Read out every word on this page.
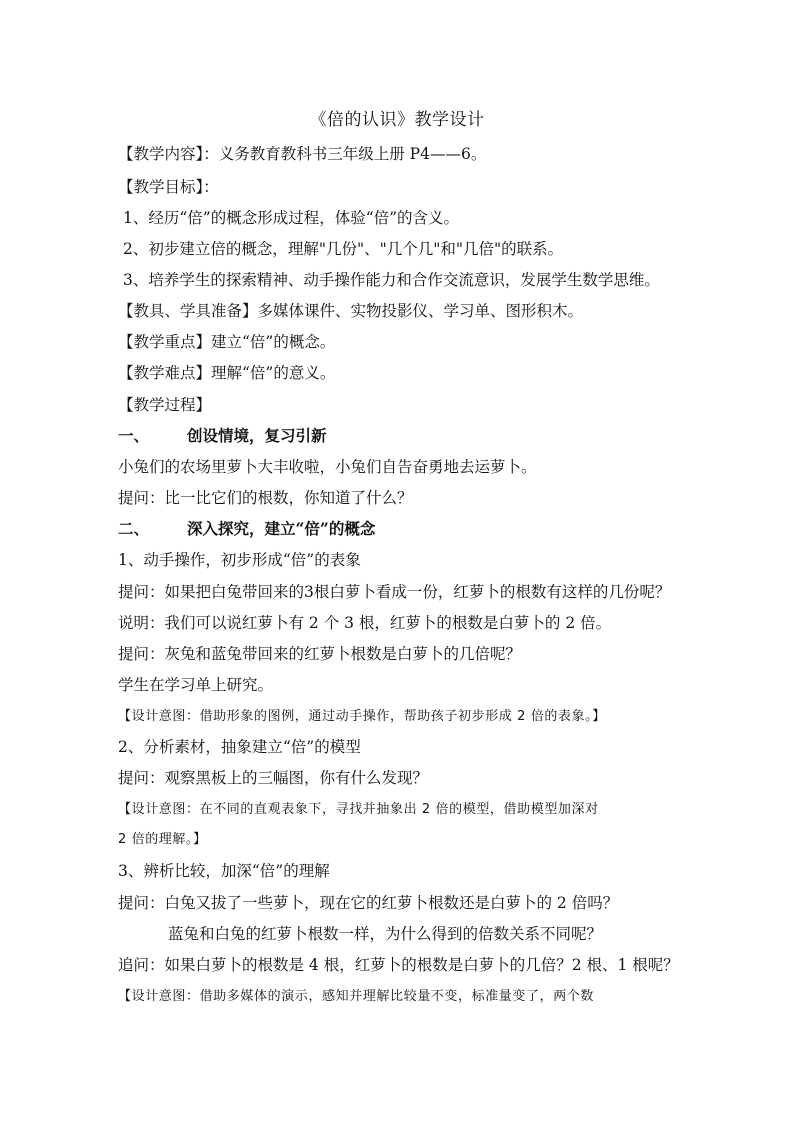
《倍的认识》教学设计
【教学内容】：义务教育教科书三年级上册 P4——6。
【教学目标】：
1、经历“倍”的概念形成过程，体验“倍”的含义。
2、初步建立倍的概念，理解"几份"、"几个几"和"几倍"的联系。
3、培养学生的探索精神、动手操作能力和合作交流意识，发展学生数学思维。
【教具、学具准备】多媒体课件、实物投影仪、学习单、图形积木。
【教学重点】建立“倍”的概念。
【教学难点】理解“倍”的意义。
【教学过程】
一、 创设情境，复习引新
小兔们的农场里萝卜大丰收啦，小兔们自告奋勇地去运萝卜。
提问：比一比它们的根数，你知道了什么？
二、 深入探究，建立“倍”的概念
1、动手操作，初步形成“倍”的表象
提问：如果把白兔带回来的3根白萝卜看成一份，红萝卜的根数有这样的几份呢？
说明：我们可以说红萝卜有 2 个 3 根，红萝卜的根数是白萝卜的 2 倍。
提问：灰兔和蓝兔带回来的红萝卜根数是白萝卜的几倍呢？
学生在学习单上研究。
【设计意图：借助形象的图例，通过动手操作，帮助孩子初步形成 2 倍的表象。】
2、分析素材，抽象建立“倍”的模型
提问：观察黑板上的三幅图，你有什么发现？
【设计意图：在不同的直观表象下，寻找并抽象出 2 倍的模型，借助模型加深对
2 倍的理解。】
3、辨析比较，加深“倍”的理解
提问：白兔又拔了一些萝卜，现在它的红萝卜根数还是白萝卜的 2 倍吗？
蓝兔和白兔的红萝卜根数一样，为什么得到的倍数关系不同呢？
追问：如果白萝卜的根数是 4 根，红萝卜的根数是白萝卜的几倍？2 根、1 根呢？
【设计意图：借助多媒体的演示，感知并理解比较量不变，标准量变了，两个数
